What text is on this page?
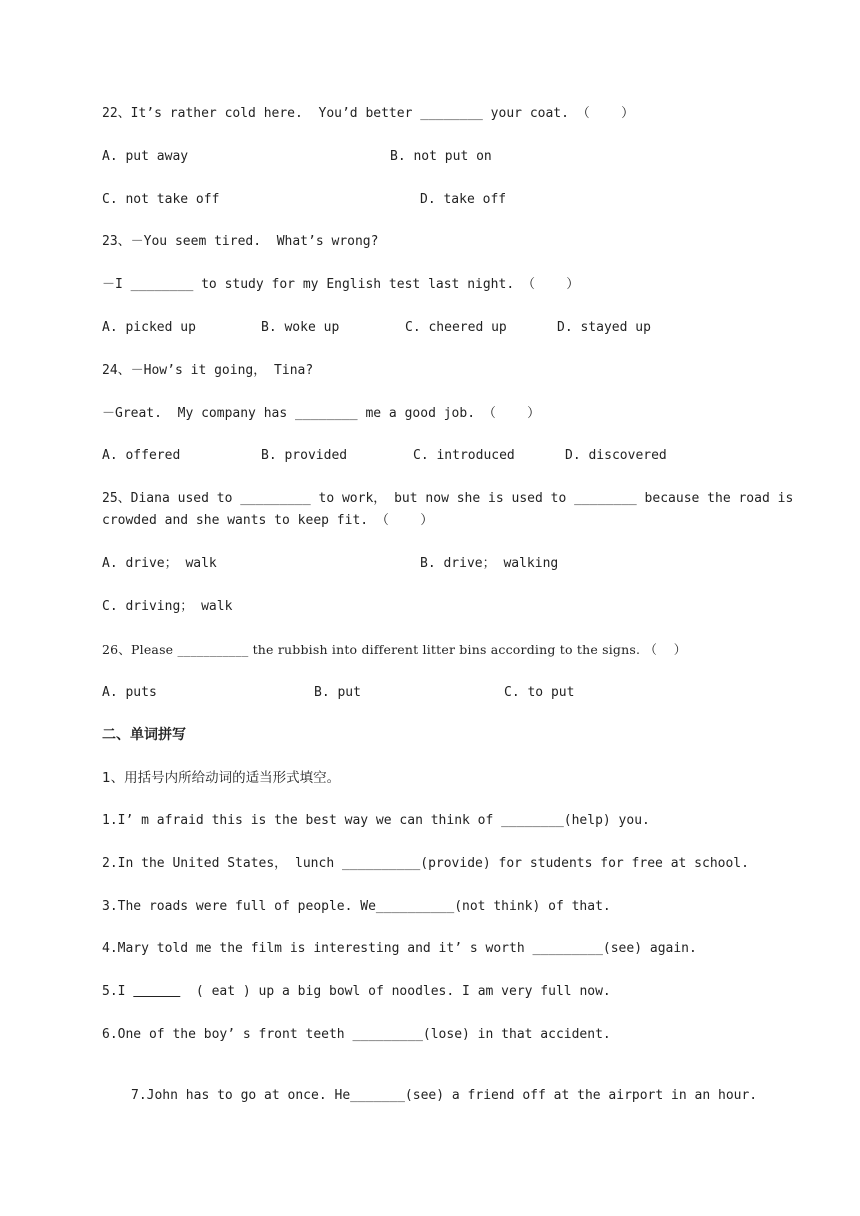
22、It’s rather cold here.  You’d better ________ your coat. （    ）
A. put away	B. not put on
C. not take off	D. take off
23、－You seem tired.  What’s wrong?
－I ________ to study for my English test last night. （    ）
A. picked up	B. woke up	C. cheered up	D. stayed up
24、－How’s it going， Tina?
－Great.  My company has ________ me a good job. （    ）
A. offered	B. provided	C. introduced	D. discovered
25、Diana used to _________ to work， but now she is used to ________ because the road is
crowded and she wants to keep fit. （    ）
A. drive； walk	B. drive； walking
C. driving； walk
26、Please ___________ the rubbish into different litter bins according to the signs. （    ）
A. puts	B. put	C. to put
二、单词拼写
1、用括号内所给动词的适当形式填空。
1.I’ m afraid this is the best way we can think of ________(help) you.
2.In the United States， lunch __________(provide) for students for free at school.
3.The roads were full of people. We__________(not think) of that.
4.Mary told me the film is interesting and it’ s worth _________(see) again.
5.I	( eat ) up a big bowl of noodles. I am very full now.
6.One of the boy’ s front teeth _________(lose) in that accident.
7.John has to go at once. He_______(see) a friend off at the airport in an hour.
